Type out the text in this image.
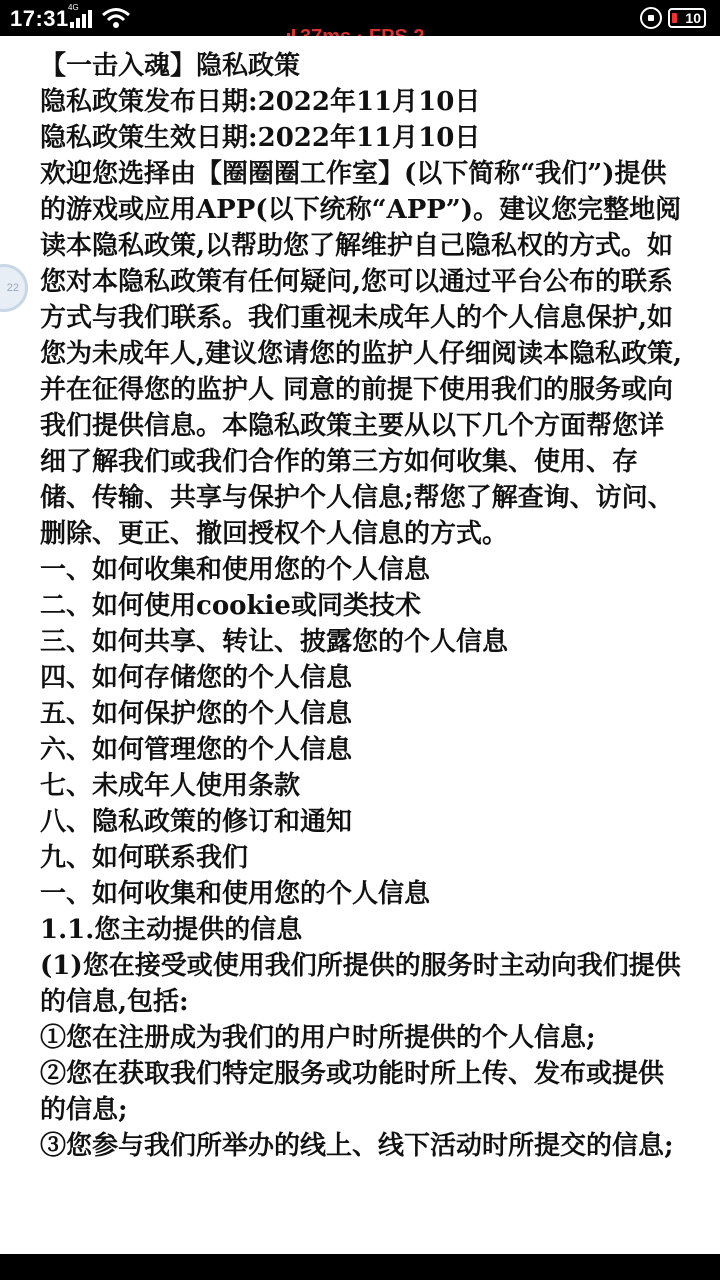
17:31 4G
10

【一击入魂】隐私政策

隐私政策发布日期:2022年11月10日

隐私政策生效日期:2022年11月10日

欢迎您选择由【圈圈圈工作室】(以下简称“我们”)提供的游戏或应用APP(以下统称“APP”)。建议您完整地阅读本隐私政策,以帮助您了解维护自己隐私权的方式。如您对本隐私政策有任何疑问,您可以通过平台公布的联系方式与我们联系。我们重视未成年人的个人信息保护,如您为未成年人,建议您请您的监护人仔细阅读本隐私政策,并在征得您的监护人 同意的前提下使用我们的服务或向我们提供信息。本隐私政策主要从以下几个方面帮您详细了解我们或我们合作的第三方如何收集、使用、存储、传输、共享与保护个人信息;帮您了解查询、访问、删除、更正、撤回授权个人信息的方式。

一、如何收集和使用您的个人信息

二、如何使用cookie或同类技术

三、如何共享、转让、披露您的个人信息

四、如何存储您的个人信息

五、如何保护您的个人信息

六、如何管理您的个人信息

七、未成年人使用条款

八、隐私政策的修订和通知

九、如何联系我们

一、如何收集和使用您的个人信息

1.1.您主动提供的信息

(1)您在接受或使用我们所提供的服务时主动向我们提供的信息,包括:

①您在注册成为我们的用户时所提供的个人信息;

②您在获取我们特定服务或功能时所上传、发布或提供的信息;

③您参与我们所举办的线上、线下活动时所提交的信息;

22
